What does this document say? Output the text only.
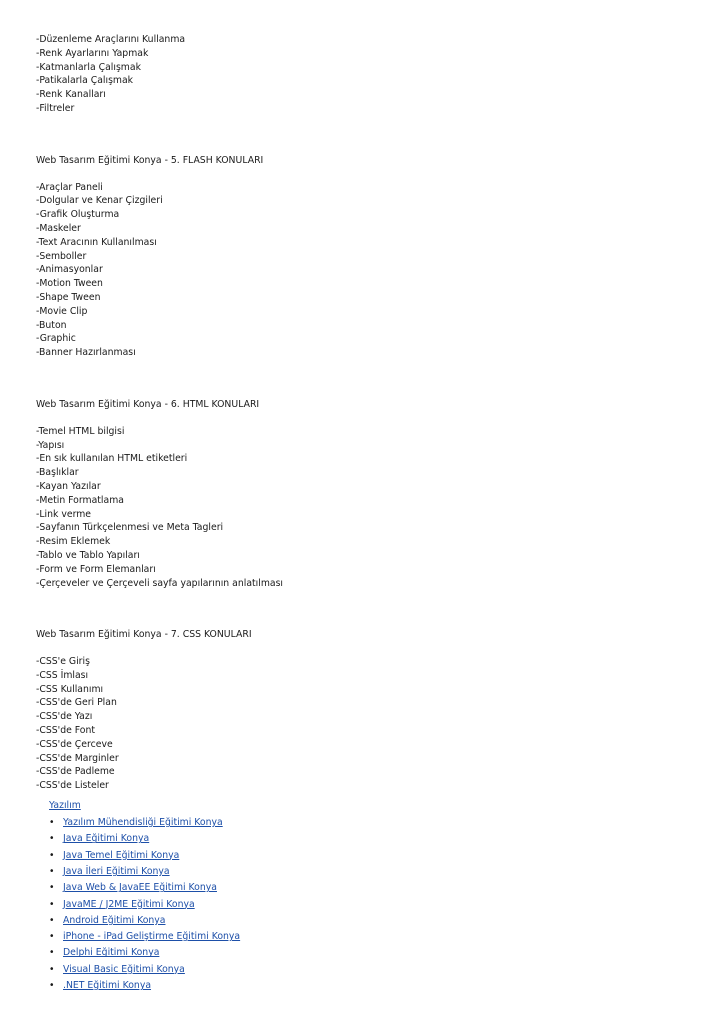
-Düzenleme Araçlarını Kullanma
-Renk Ayarlarını Yapmak
-Katmanlarla Çalışmak
-Patikalarla Çalışmak
-Renk Kanalları
-Filtreler
Web Tasarım Eğitimi Konya - 5. FLASH KONULARI
-Araçlar Paneli
-Dolgular ve Kenar Çizgileri
-Grafik Oluşturma
-Maskeler
-Text Aracının Kullanılması
-Semboller
-Animasyonlar
-Motion Tween
-Shape Tween
-Movie Clip
-Buton
-Graphic
-Banner Hazırlanması
Web Tasarım Eğitimi Konya - 6. HTML KONULARI
-Temel HTML bilgisi
-Yapısı
-En sık kullanılan HTML etiketleri
-Başlıklar
-Kayan Yazılar
-Metin Formatlama
-Link verme
-Sayfanın Türkçelenmesi ve Meta Tagleri
-Resim Eklemek
-Tablo ve Tablo Yapıları
-Form ve Form Elemanları
-Çerçeveler ve Çerçeveli sayfa yapılarının anlatılması
Web Tasarım Eğitimi Konya - 7. CSS KONULARI
-CSS'e Giriş
-CSS İmlası
-CSS Kullanımı
-CSS'de Geri Plan
-CSS'de Yazı
-CSS'de Font
-CSS'de Çerceve
-CSS'de Marginler
-CSS'de Padleme
-CSS'de Listeler
Yazılım
• Yazılım Mühendisliği Eğitimi Konya
• Java Eğitimi Konya
• Java Temel Eğitimi Konya
• Java İleri Eğitimi Konya
• Java Web & JavaEE Eğitimi Konya
• JavaME / J2ME Eğitimi Konya
• Android Eğitimi Konya
• iPhone - iPad Geliştirme Eğitimi Konya
• Delphi Eğitimi Konya
• Visual Basic Eğitimi Konya
• .NET Eğitimi Konya
